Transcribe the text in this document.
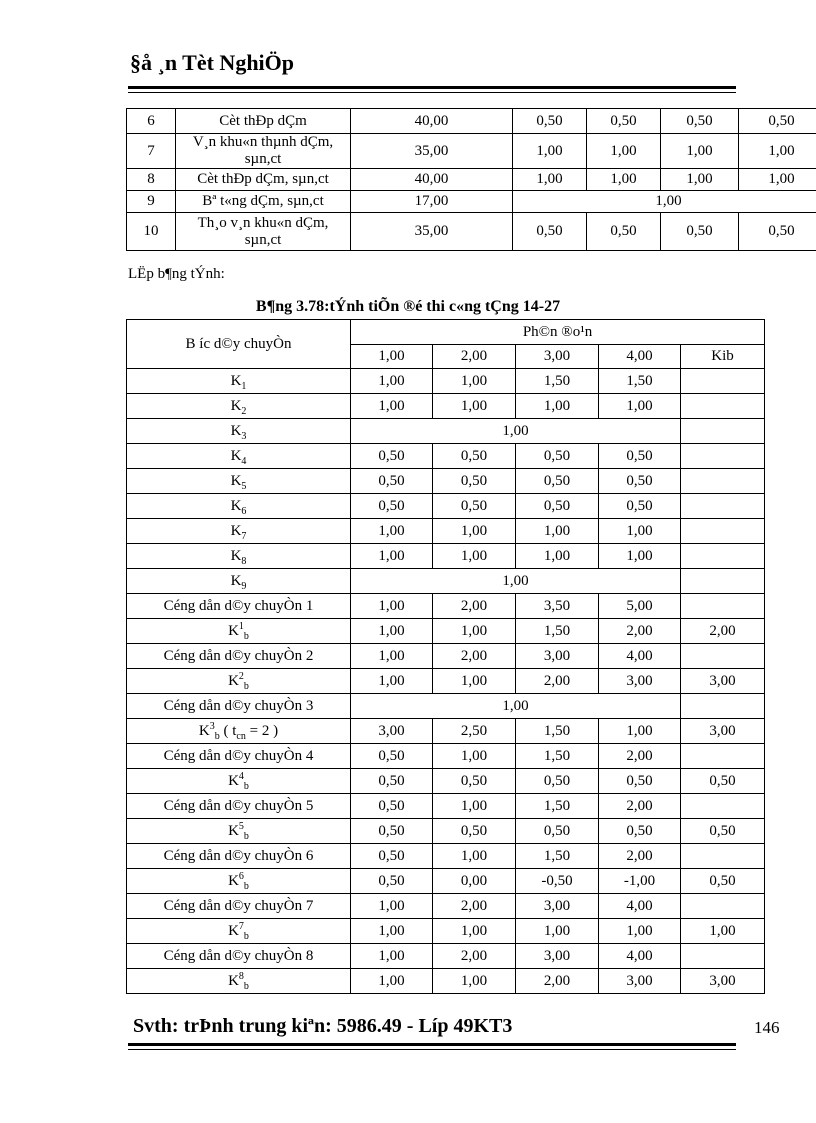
§å ¸n Tèt NghiÖp
6	Cèt thÐp dÇm	40,00	0,50	0,50	0,50	0,50
7	V¸n khu«n thµnh dÇm, sµn,ct	35,00	1,00	1,00	1,00	1,00
8	Cèt thÐp dÇm, sµn,ct	40,00	1,00	1,00	1,00	1,00
9	Bª t«ng dÇm, sµn,ct	17,00	1,00			
10	Th¸o v¸n khu«n dÇm, sµn,ct	35,00	0,50	0,50	0,50	0,50
LËp b¶ng tÝnh:
B¶ng 3.78:tÝnh tiÕn ®é thi c«ng tÇng 14-27
B íc d©y chuyÒn	Ph©n ®o¹n				
	1,00	2,00	3,00	4,00	Kib
$K_1$	1,00	1,00	1,50	1,50	
$K_2$	1,00	1,00	1,00	1,00	
$K_3$	1,00				
$K_4$	0,50	0,50	0,50	0,50	
$K_5$	0,50	0,50	0,50	0,50	
$K_6$	0,50	0,50	0,50	0,50	
$K_7$	1,00	1,00	1,00	1,00	
$K_8$	1,00	1,00	1,00	1,00	
$K_9$	1,00				
Céng dån d©y chuyÒn 1	1,00	2,00	3,50	5,00	
$K^1_b$	1,00	1,00	1,50	2,00	2,00
Céng dån d©y chuyÒn 2	1,00	2,00	3,00	4,00	
$K^2_b$	1,00	1,00	2,00	3,00	3,00
Céng dån d©y chuyÒn 3	1,00				
$K^3_b$ ( $t_{cn} = 2$ )	3,00	2,50	1,50	1,00	3,00
Céng dån d©y chuyÒn 4	0,50	1,00	1,50	2,00	
$K^4_b$	0,50	0,50	0,50	0,50	0,50
Céng dån d©y chuyÒn 5	0,50	1,00	1,50	2,00	
$K^5_b$	0,50	0,50	0,50	0,50	0,50
Céng dån d©y chuyÒn 6	0,50	1,00	1,50	2,00	
$K^6_b$	0,50	0,00	-0,50	-1,00	0,50
Céng dån d©y chuyÒn 7	1,00	2,00	3,00	4,00	
$K^7_b$	1,00	1,00	1,00	1,00	1,00
Céng dån d©y chuyÒn 8	1,00	2,00	3,00	4,00	
$K^8_b$	1,00	1,00	2,00	3,00	3,00
Svth: trÞnh trung kiªn: 5986.49 - Líp 49KT3	146
